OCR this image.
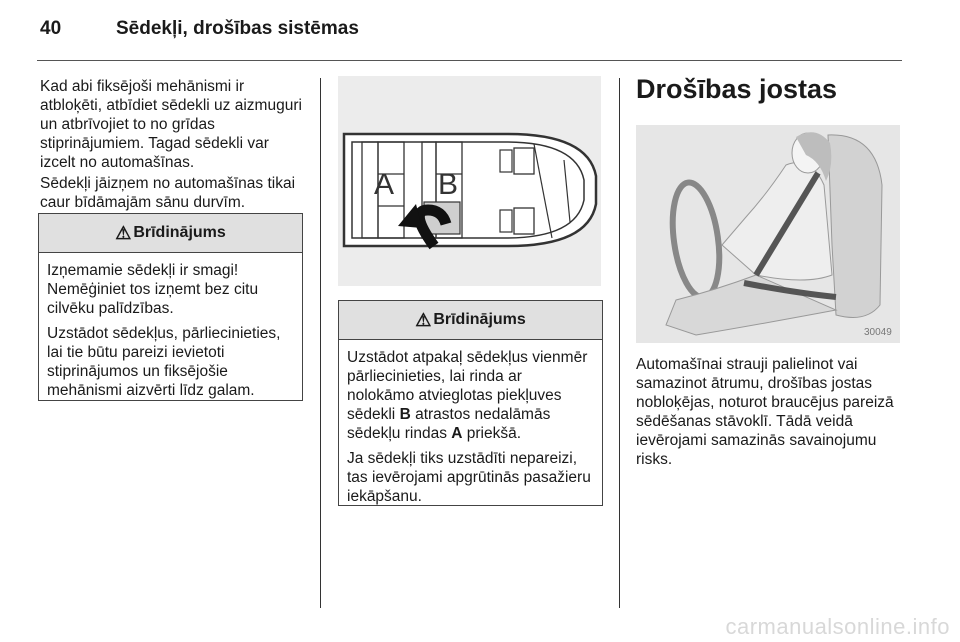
40	Sēdekļi, drošības sistēmas

Kad abi fiksējoši mehānismi ir atbloķēti, atbīdiet sēdekli uz aizmuguri un atbrīvojiet to no grīdas stiprinājumiem. Tagad sēdekli var izcelt no automašīnas.

Sēdekļi jāizņem no automašīnas tikai caur bīdāmajām sānu durvīm.

⚠ Brīdinājums

Izņemamie sēdekļi ir smagi! Nemēģiniet tos izņemt bez citu cilvēku palīdzības.

Uzstādot sēdekļus, pārliecinieties, lai tie būtu pareizi ievietoti stiprinājumos un fiksējošie mehānismi aizvērti līdz galam.

A B
⚠ Brīdinājums

Uzstādot atpakaļ sēdekļus vienmēr pārliecinieties, lai rinda ar nolokāmo atvieglotas piekļuves sēdekli B atrastos nedalāmās sēdekļu rindas A priekšā.

Ja sēdekļi tiks uzstādīti nepareizi, tas ievērojami apgrūtinās pasažieru iekāpšanu.

Drošības jostas
30049

Automašīnai strauji palielinot vai samazinot ātrumu, drošības jostas nobloķējas, noturot braucējus pareizā sēdēšanas stāvoklī. Tādā veidā ievērojami samazinās savainojumu risks.

carmanualsonline.info
